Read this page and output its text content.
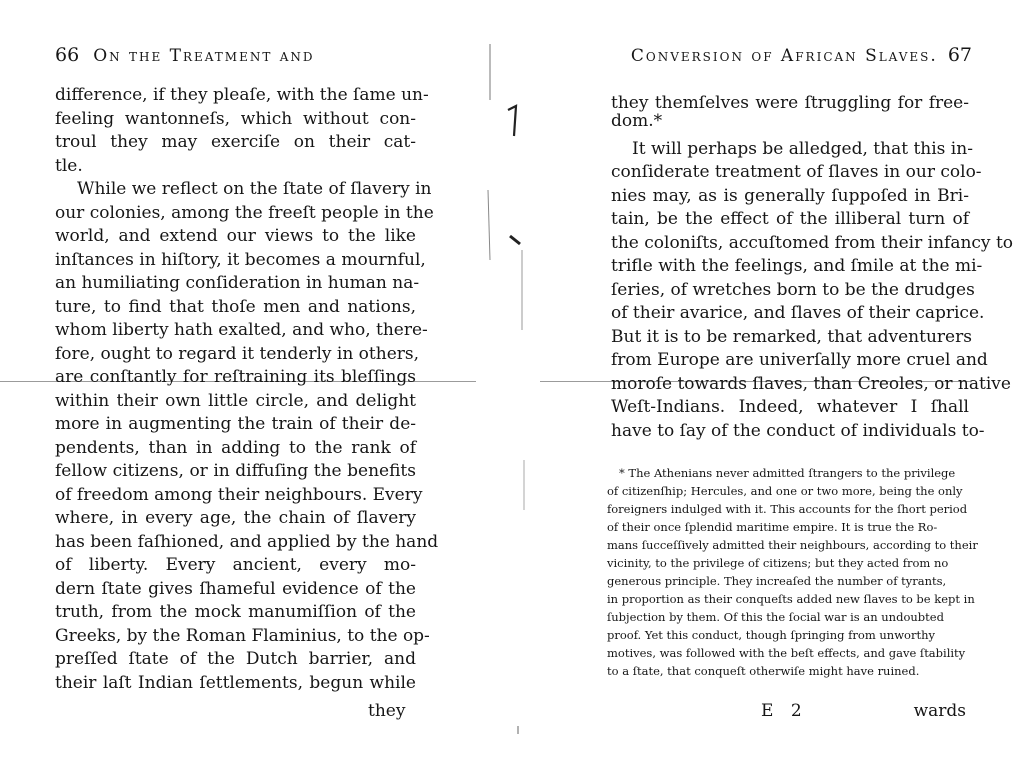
66 On the Treatment and
difference, if they pleaſe, with the ſame un-
feeling wantonneſs, which without con-
troul they may exerciſe on their cat-
tle.
While we reflect on the ſtate of ſlavery in
our colonies, among the freeſt people in the
world, and extend our views to the like
inſtances in hiſtory, it becomes a mournful,
an humiliating conſideration in human na-
ture, to find that thoſe men and nations,
whom liberty hath exalted, and who, there-
fore, ought to regard it tenderly in others,
are conſtantly for reſtraining its bleſſings
within their own little circle, and delight
more in augmenting the train of their de-
pendents, than in adding to the rank of
fellow citizens, or in diffuſing the benefits
of freedom among their neighbours. Every
where, in every age, the chain of ſlavery
has been faſhioned, and applied by the hand
of liberty. Every ancient, every mo-
dern ſtate gives ſhameful evidence of the
truth, from the mock manumiſſion of the
Greeks, by the Roman Flaminius, to the op-
preſſed ſtate of the Dutch barrier, and
their laſt Indian ſettlements, begun while
they
Conversion of African Slaves. 67
they themſelves were ſtruggling for free-
dom.*
It will perhaps be alledged, that this in-
conſiderate treatment of ſlaves in our colo-
nies may, as is generally ſuppoſed in Bri-
tain, be the effect of the illiberal turn of
the coloniſts, accuſtomed from their infancy to
trifle with the feelings, and ſmile at the mi-
ſeries, of wretches born to be the drudges
of their avarice, and ſlaves of their caprice.
But it is to be remarked, that adventurers
from Europe are univerſally more cruel and
moroſe towards ſlaves, than Creoles, or native
Weſt-Indians. Indeed, whatever I ſhall
have to ſay of the conduct of individuals to-
* The Athenians never admitted ſtrangers to the privilege
of citizenſhip; Hercules, and one or two more, being the only
foreigners indulged with it. This accounts for the ſhort period
of their once ſplendid maritime empire. It is true the Ro-
mans ſucceſſively admitted their neighbours, according to their
vicinity, to the privilege of citizens; but they acted from no
generous principle. They increaſed the number of tyrants,
in proportion as their conqueſts added new ſlaves to be kept in
ſubjection by them. Of this the ſocial war is an undoubted
proof. Yet this conduct, though ſpringing from unworthy
motives, was followed with the beſt effects, and gave ſtability
to a ſtate, that conqueſt otherwiſe might have ruined.
E 2	wards
